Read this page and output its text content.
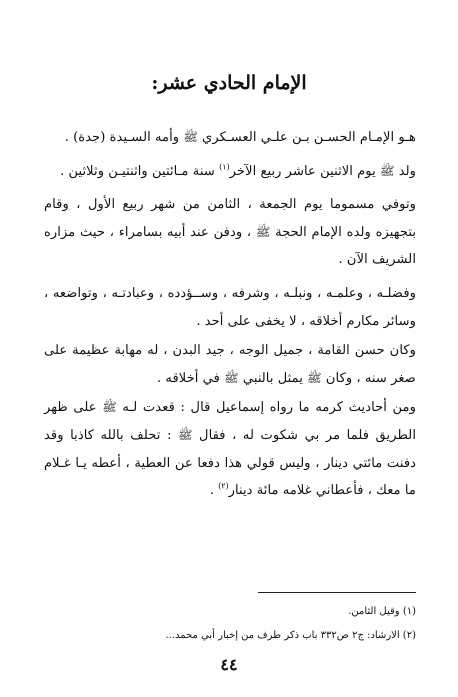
الإمام الحادي عشر:

هـو الإمـام الحسـن بـن علـي العسـكري ﷺ وأمه السـيدة (جدة) .

ولد ﷺ يوم الاثنين عاشر ربيع الآخر$^{(١)}$ سنة مـائتين واثنتيـن وثلاثين .

وتوفي مسموما يوم الجمعة ، الثامن من شهر ربيع الأول ، وقام بتجهيزه ولده الإمام الحجة ﷺ ، ودفن عند أبيه بسامراء ، حيث مزاره الشريف الآن .

وفضلـه ، وعلمـه ، ونبلـه ، وشرفه ، وســؤدده ، وعبادتـه ، وتواضعه ، وسائر مكارم أخلاقه ، لا يخفى على أحد .

وكان حسن القامة ، جميل الوجه ، جيد البدن ، له مهابة عظيمة على صغر سنه ، وكان ﷺ يمثل بالنبي ﷺ في أخلاقه .

ومن أحاديث كرمه ما رواه إسماعيل قال : قعدت لـه ﷺ على ظهر الطريق فلما مر بي شكوت له ، فقال ﷺ : تحلف بالله كاذبا وقد دفنت مائتي دينار ، وليس قولي هذا دفعا عن العطية ، أعطه يـا غـلام ما معك ، فأعطاني غلامه مائة دينار$^{(٢)}$ .

(١) وقيل الثامن.
(٢) الارشاد: ج٢ ص٣٣٢ باب ذكر طرف من إخبار أبي محمد...
٤٤
